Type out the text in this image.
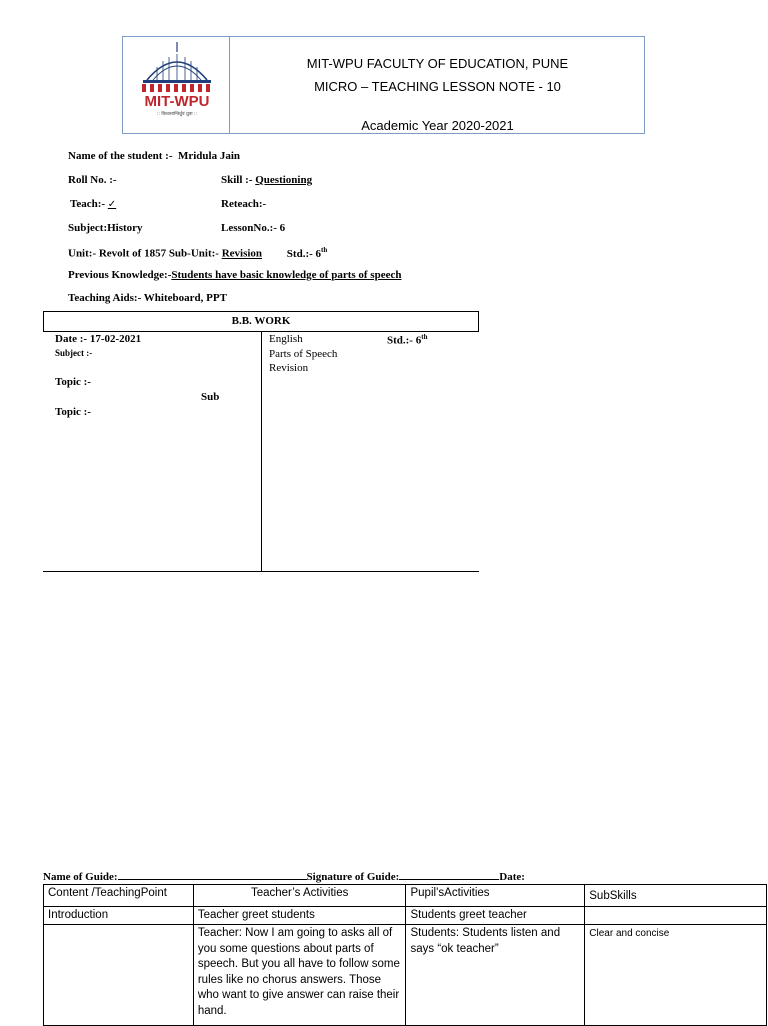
MIT-WPU
:: विश्वशान्तिर्ध्रुवं ध्रुवा ::
MIT-WPU FACULTY OF EDUCATION, PUNE
MICRO – TEACHING LESSON NOTE - 10
Academic Year 2020-2021
Name of the student :- Mridula Jain
Roll No. :-	Skill :- Questioning
Teach:- ✓	Reteach:-
Subject:History	LessonNo.:- 6
Unit:- Revolt of 1857 Sub-Unit:- Revision Std.:- 6th
Previous Knowledge:-Students have basic knowledge of parts of speech
Teaching Aids:- Whiteboard, PPT
B.B. WORK
Date :- 17-02-2021
Subject :-
Topic :-
Sub
Topic :-
English	Std.:- 6th
Parts of Speech
Revision
Name of Guide:	Signature of Guide:	Date:
Content /TeachingPoint	Teacher’s Activities	Pupil’sActivities	SubSkills
Introduction	Teacher greet students	Students greet teacher	
	Teacher: Now I am going to asks all of you some questions about parts of speech. But you all have to follow some rules like no chorus answers. Those who want to give answer can raise their hand.	Students: Students listen and says “ok teacher”	Clear and concise
